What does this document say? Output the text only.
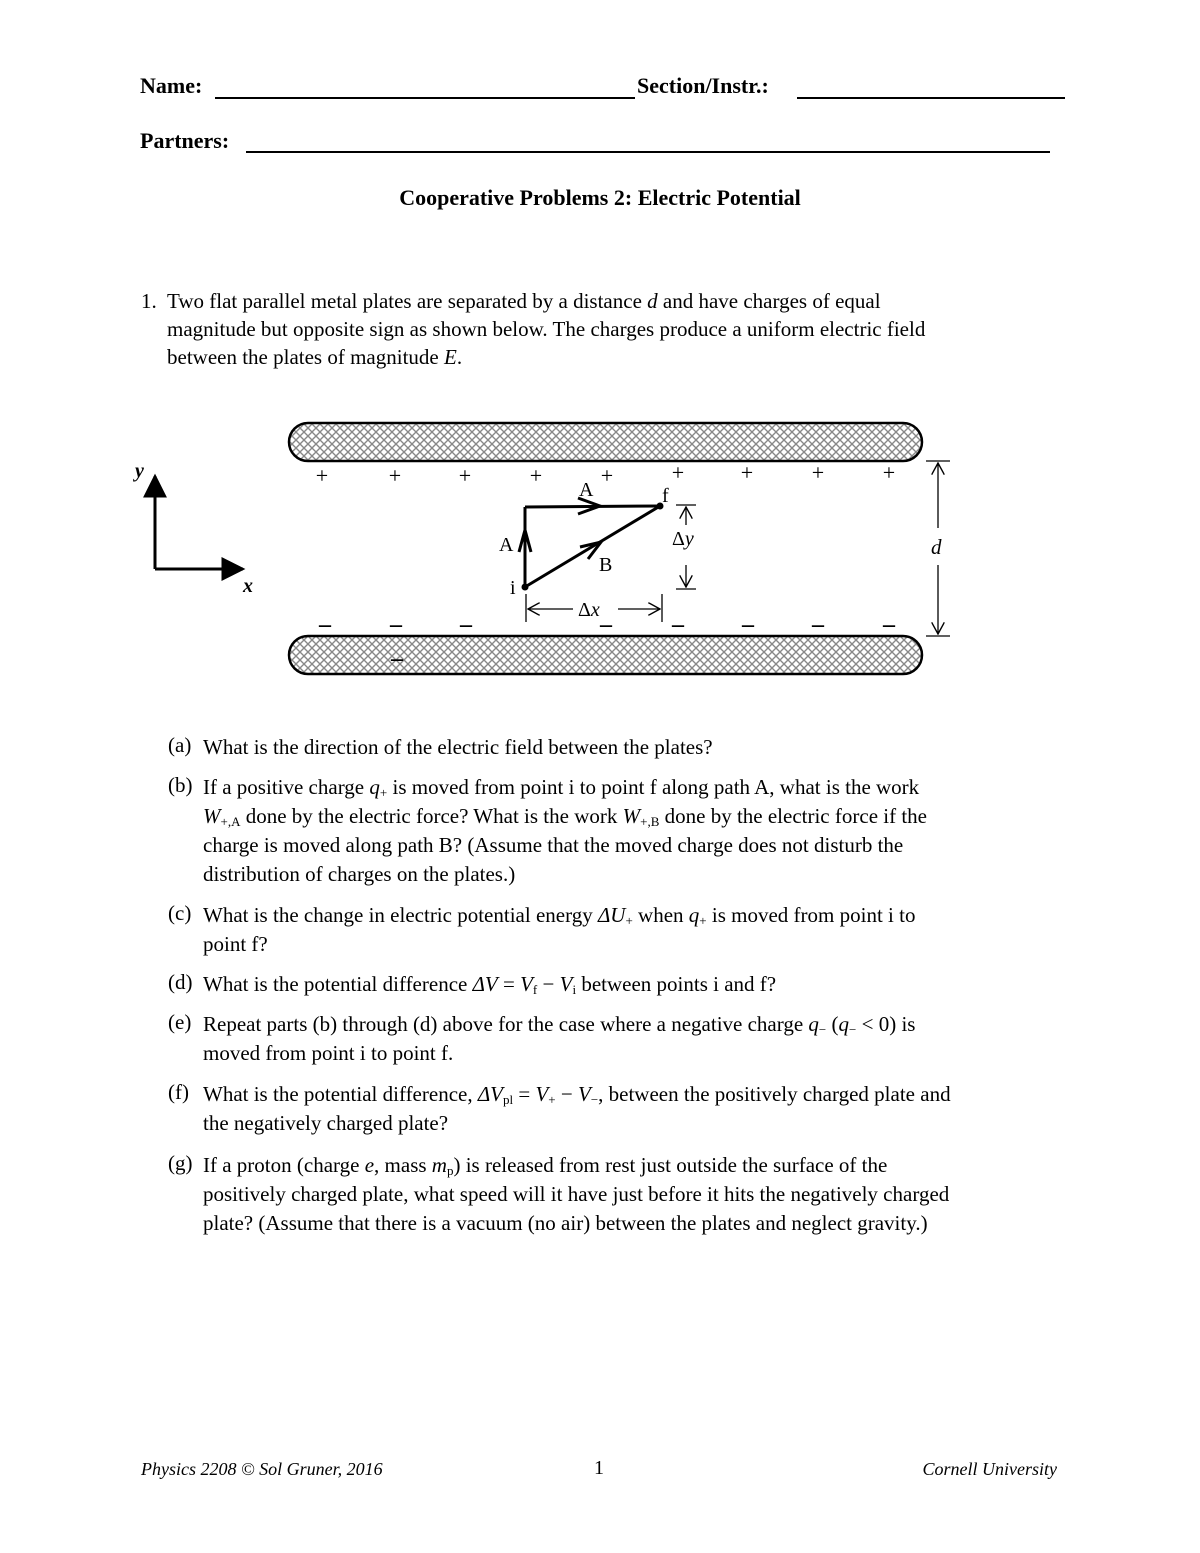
Name:	Section/Instr.:
Partners:
Cooperative Problems 2: Electric Potential
1. Two flat parallel metal plates are separated by a distance d and have charges of equal
magnitude but opposite sign as shown below. The charges produce a uniform electric field
between the plates of magnitude E.
+	+	+	+	+	+	+	+	+
– – –	–	– – – –
–
y
x	i
f
A
A
B
Δx
Δy	d
(a) What is the direction of the electric field between the plates?
(b) If a positive charge $q_+$ is moved from point i to point f along path A, what is the work
$W_{+,A}$ done by the electric force? What is the work $W_{+,B}$ done by the electric force if the
charge is moved along path B? (Assume that the moved charge does not disturb the
distribution of charges on the plates.)
(c) What is the change in electric potential energy $\Delta U_+$ when $q_+$ is moved from point i to
point f?
(d) What is the potential difference $\Delta V = V_f - V_i$ between points i and f?
(e) Repeat parts (b) through (d) above for the case where a negative charge $q_-$ $(q_- < 0)$ is
moved from point i to point f.
(f) What is the potential difference, $\Delta V_{pl} = V_+ - V_-$, between the positively charged plate and
the negatively charged plate?
(g) If a proton (charge e, mass $m_p$) is released from rest just outside the surface of the
positively charged plate, what speed will it have just before it hits the negatively charged
plate? (Assume that there is a vacuum (no air) between the plates and neglect gravity.)
Physics 2208 © Sol Gruner, 2016	1	Cornell University
